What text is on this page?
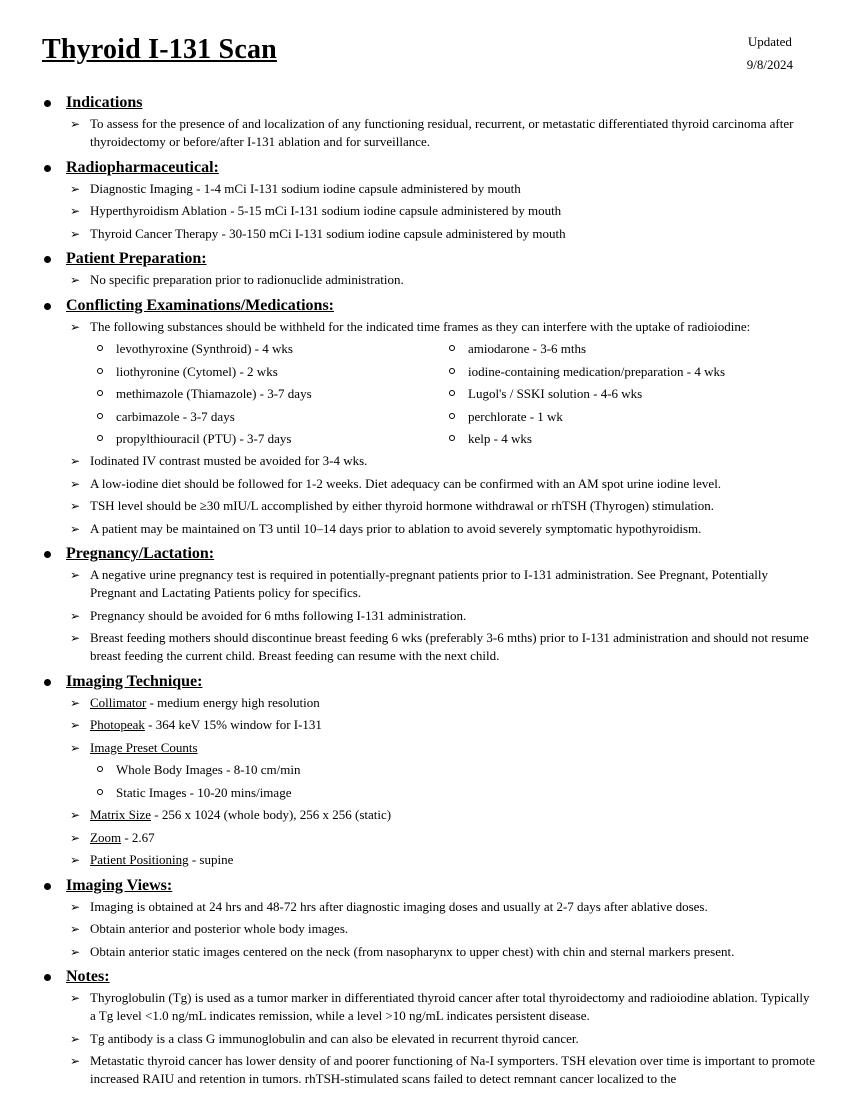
Thyroid I-131 Scan	Updated
9/8/2024
Indications
➢ To assess for the presence of and localization of any functioning residual, recurrent, or metastatic differentiated thyroid carcinoma after thyroidectomy or before/after I-131 ablation and for surveillance.
Radiopharmaceutical:
➢ Diagnostic Imaging - 1-4 mCi I-131 sodium iodine capsule administered by mouth
➢ Hyperthyroidism Ablation - 5-15 mCi I-131 sodium iodine capsule administered by mouth
➢ Thyroid Cancer Therapy - 30-150 mCi I-131 sodium iodine capsule administered by mouth
Patient Preparation:
➢ No specific preparation prior to radionuclide administration.
Conflicting Examinations/Medications:
➢ The following substances should be withheld for the indicated time frames as they can interfere with the uptake of radioiodine:
levothyroxine (Synthroid) - 4 wks
liothyronine (Cytomel) - 2 wks
methimazole (Thiamazole) - 3-7 days
carbimazole - 3-7 days
propylthiouracil (PTU) - 3-7 days
amiodarone - 3-6 mths
iodine-containing medication/preparation - 4 wks
Lugol's / SSKI solution - 4-6 wks
perchlorate - 1 wk
kelp - 4 wks
➢ Iodinated IV contrast musted be avoided for 3-4 wks.
➢ A low-iodine diet should be followed for 1-2 weeks. Diet adequacy can be confirmed with an AM spot urine iodine level.
➢ TSH level should be ≥30 mIU/L accomplished by either thyroid hormone withdrawal or rhTSH (Thyrogen) stimulation.
➢ A patient may be maintained on T3 until 10–14 days prior to ablation to avoid severely symptomatic hypothyroidism.
Pregnancy/Lactation:
➢ A negative urine pregnancy test is required in potentially-pregnant patients prior to I-131 administration. See Pregnant, Potentially Pregnant and Lactating Patients policy for specifics.
➢ Pregnancy should be avoided for 6 mths following I-131 administration.
➢ Breast feeding mothers should discontinue breast feeding 6 wks (preferably 3-6 mths) prior to I-131 administration and should not resume breast feeding the current child. Breast feeding can resume with the next child.
Imaging Technique:
➢ Collimator - medium energy high resolution
➢ Photopeak - 364 keV 15% window for I-131
➢ Image Preset Counts
Whole Body Images - 8-10 cm/min
Static Images - 10-20 mins/image
➢ Matrix Size - 256 x 1024 (whole body), 256 x 256 (static)
➢ Zoom - 2.67
➢ Patient Positioning - supine
Imaging Views:
➢ Imaging is obtained at 24 hrs and 48-72 hrs after diagnostic imaging doses and usually at 2-7 days after ablative doses.
➢ Obtain anterior and posterior whole body images.
➢ Obtain anterior static images centered on the neck (from nasopharynx to upper chest) with chin and sternal markers present.
Notes:
➢ Thyroglobulin (Tg) is used as a tumor marker in differentiated thyroid cancer after total thyroidectomy and radioiodine ablation. Typically a Tg level <1.0 ng/mL indicates remission, while a level >10 ng/mL indicates persistent disease.
➢ Tg antibody is a class G immunoglobulin and can also be elevated in recurrent thyroid cancer.
➢ Metastatic thyroid cancer has lower density of and poorer functioning of Na-I symporters. TSH elevation over time is important to promote increased RAIU and retention in tumors. rhTSH-stimulated scans failed to detect remnant cancer localized to the
